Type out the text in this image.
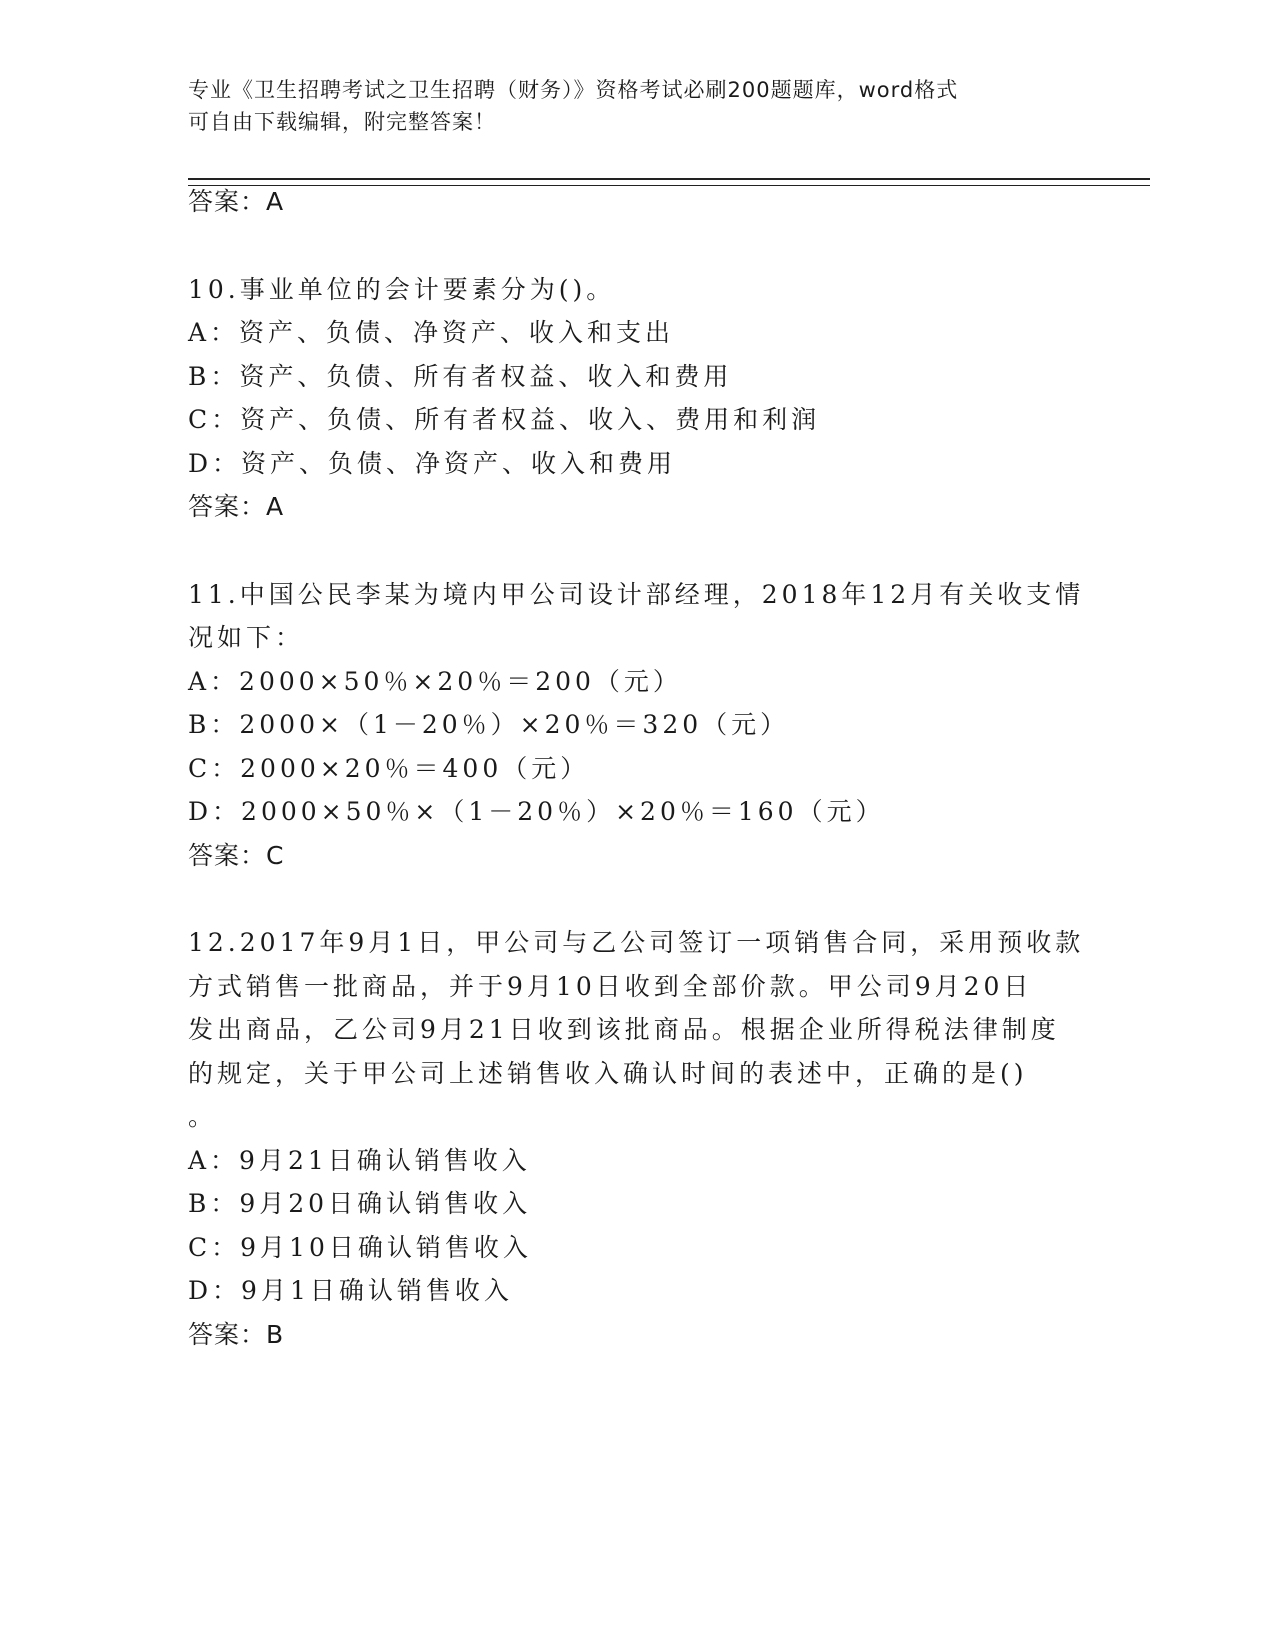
专业《卫生招聘考试之卫生招聘（财务）》资格考试必刷200题题库，word格式
可自由下载编辑，附完整答案！
答案：A
10.事业单位的会计要素分为()。
A：资产、负债、净资产、收入和支出
B：资产、负债、所有者权益、收入和费用
C：资产、负债、所有者权益、收入、费用和利润
D：资产、负债、净资产、收入和费用
答案：A
11.中国公民李某为境内甲公司设计部经理，2018年12月有关收支情
况如下：
A：2000×50％×20％＝200（元）
B：2000×（1－20％）×20％＝320（元）
C：2000×20％＝400（元）
D：2000×50％×（1－20％）×20％＝160（元）
答案：C
12.2017年9月1日，甲公司与乙公司签订一项销售合同，采用预收款
方式销售一批商品，并于9月10日收到全部价款。甲公司9月20日
发出商品，乙公司9月21日收到该批商品。根据企业所得税法律制度
的规定，关于甲公司上述销售收入确认时间的表述中，正确的是()
。
A：9月21日确认销售收入
B：9月20日确认销售收入
C：9月10日确认销售收入
D：9月1日确认销售收入
答案：B
